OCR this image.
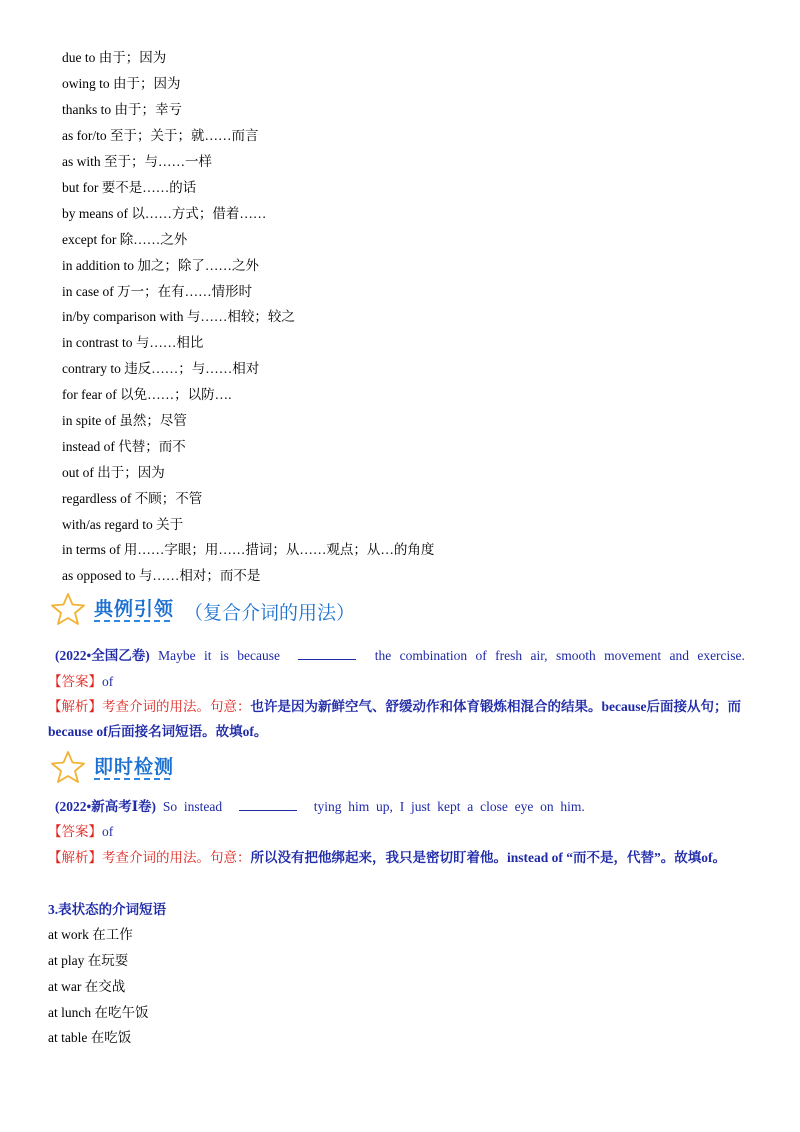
due to 由于；因为
owing to 由于；因为
thanks to 由于；幸亏
as for/to 至于；关于；就……而言
as with 至于；与……一样
but for 要不是……的话
by means of 以……方式；借着……
except for 除……之外
in addition to 加之；除了……之外
in case of 万一；在有……情形时
in/by comparison with 与……相较；较之
in contrast to 与……相比
contrary to 违反……；与……相对
for fear of 以免……；以防….
in spite of 虽然；尽管
instead of 代替；而不
out of 出于；因为
regardless of 不顾；不管
with/as regard to 关于
in terms of 用……字眼；用……措词；从……观点；从…的角度
as opposed to 与……相对；而不是
典例引领 （复合介词的用法）
(2022•全国乙卷) Maybe it is because	the combination of fresh air, smooth movement and exercise.
【答案】of
【解析】考查介词的用法。句意：也许是因为新鲜空气、舒缓动作和体育锻炼相混合的结果。because后面接从句；而because of后面接名词短语。故填of。
即时检测
(2022•新高考Ⅰ卷) So instead	tying him up, I just kept a close eye on him.
【答案】of
【解析】考查介词的用法。句意：所以没有把他绑起来，我只是密切盯着他。instead of “而不是，代替”。故填of。
3.表状态的介词短语
at work 在工作
at play 在玩耍
at war 在交战
at lunch 在吃午饭
at table 在吃饭
